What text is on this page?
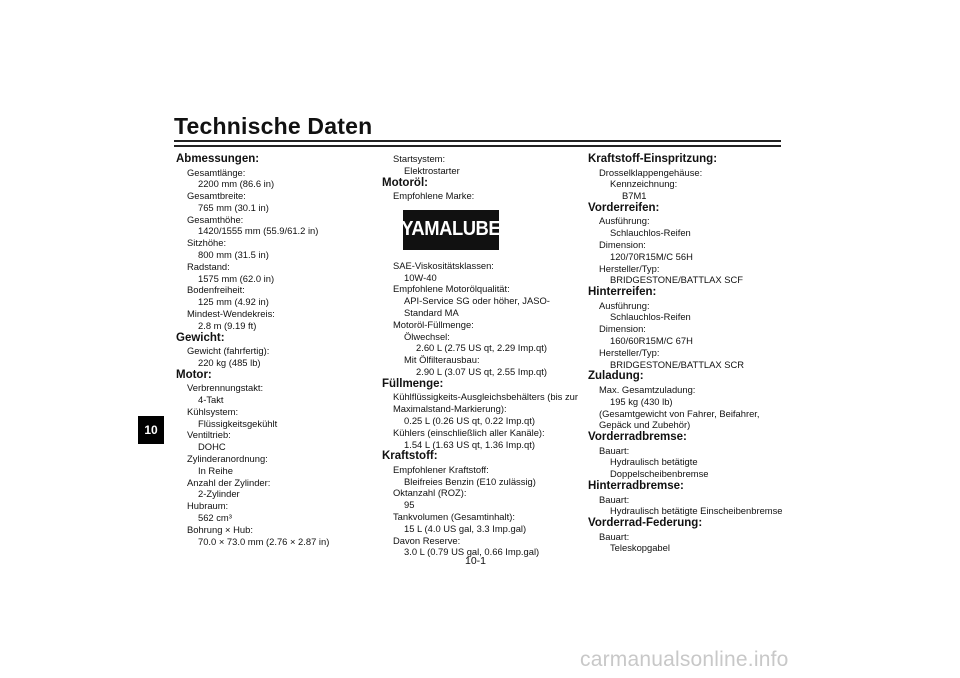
Technische Daten
10
Abmessungen:
Gesamtlänge:
2200 mm (86.6 in)
Gesamtbreite:
765 mm (30.1 in)
Gesamthöhe:
1420/1555 mm (55.9/61.2 in)
Sitzhöhe:
800 mm (31.5 in)
Radstand:
1575 mm (62.0 in)
Bodenfreiheit:
125 mm (4.92 in)
Mindest-Wendekreis:
2.8 m (9.19 ft)
Gewicht:
Gewicht (fahrfertig):
220 kg (485 lb)
Motor:
Verbrennungstakt:
4-Takt
Kühlsystem:
Flüssigkeitsgekühlt
Ventiltrieb:
DOHC
Zylinderanordnung:
In Reihe
Anzahl der Zylinder:
2-Zylinder
Hubraum:
562 cm³
Bohrung × Hub:
70.0 × 73.0 mm (2.76 × 2.87 in)
Startsystem:
Elektrostarter
Motoröl:
Empfohlene Marke:
YAMALUBE
SAE-Viskositätsklassen:
10W-40
Empfohlene Motorölqualität:
API-Service SG oder höher, JASO-
Standard MA
Motoröl-Füllmenge:
Ölwechsel:
2.60 L (2.75 US qt, 2.29 Imp.qt)
Mit Ölfilterausbau:
2.90 L (3.07 US qt, 2.55 Imp.qt)
Füllmenge:
Kühlflüssigkeits-Ausgleichsbehälters (bis zur
Maximalstand-Markierung):
0.25 L (0.26 US qt, 0.22 Imp.qt)
Kühlers (einschließlich aller Kanäle):
1.54 L (1.63 US qt, 1.36 Imp.qt)
Kraftstoff:
Empfohlener Kraftstoff:
Bleifreies Benzin (E10 zulässig)
Oktanzahl (ROZ):
95
Tankvolumen (Gesamtinhalt):
15 L (4.0 US gal, 3.3 Imp.gal)
Davon Reserve:
3.0 L (0.79 US gal, 0.66 Imp.gal)
Kraftstoff-Einspritzung:
Drosselklappengehäuse:
Kennzeichnung:
B7M1
Vorderreifen:
Ausführung:
Schlauchlos-Reifen
Dimension:
120/70R15M/C 56H
Hersteller/Typ:
BRIDGESTONE/BATTLAX SCF
Hinterreifen:
Ausführung:
Schlauchlos-Reifen
Dimension:
160/60R15M/C 67H
Hersteller/Typ:
BRIDGESTONE/BATTLAX SCR
Zuladung:
Max. Gesamtzuladung:
195 kg (430 lb)
(Gesamtgewicht von Fahrer, Beifahrer,
Gepäck und Zubehör)
Vorderradbremse:
Bauart:
Hydraulisch betätigte
Doppelscheibenbremse
Hinterradbremse:
Bauart:
Hydraulisch betätigte Einscheibenbremse
Vorderrad-Federung:
Bauart:
Teleskopgabel
10-1
carmanualsonline.info
